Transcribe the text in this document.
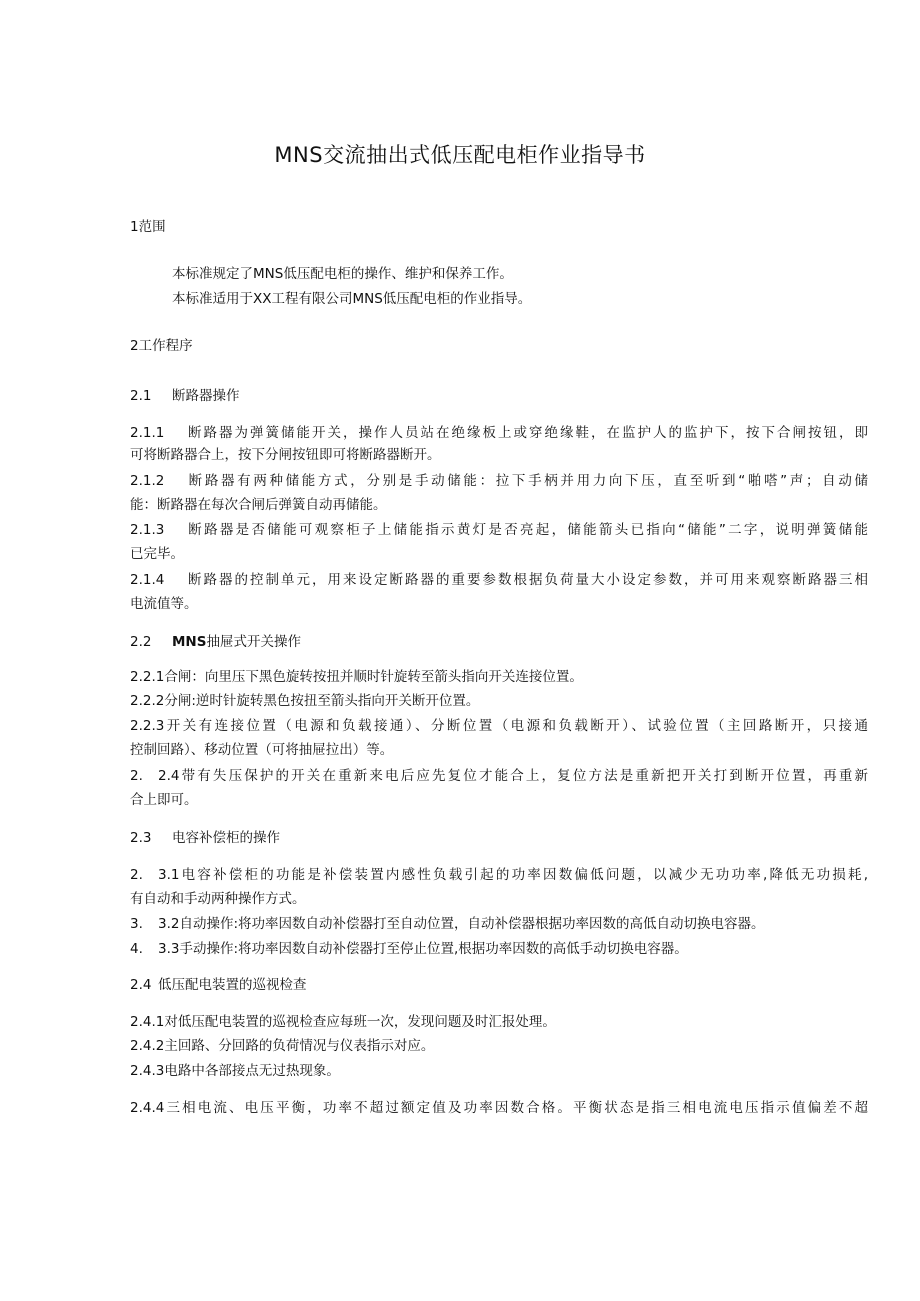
MNS交流抽出式低压配电柜作业指导书
1范围
本标准规定了MNS低压配电柜的操作、维护和保养工作。
本标准适用于XX工程有限公司MNS低压配电柜的作业指导。
2工作程序
2.1 断路器操作
2.1.1 断路器为弹簧储能开关，操作人员站在绝缘板上或穿绝缘鞋，在监护人的监护下，按下合闸按钮，即
可将断路器合上，按下分闸按钮即可将断路器断开。
2.1.2 断路器有两种储能方式，分别是手动储能：拉下手柄并用力向下压，直至听到“啪嗒”声；自动储
能：断路器在每次合闸后弹簧自动再储能。
2.1.3 断路器是否储能可观察柜子上储能指示黄灯是否亮起，储能箭头已指向“储能”二字，说明弹簧储能
已完毕。
2.1.4 断路器的控制单元，用来设定断路器的重要参数根据负荷量大小设定参数，并可用来观察断路器三相
电流值等。
2.2 MNS抽屉式开关操作
2.2.1合闸：向里压下黑色旋转按扭并顺时针旋转至箭头指向开关连接位置。
2.2.2分闸:逆时针旋转黑色按扭至箭头指向开关断开位置。
2.2.3开关有连接位置（电源和负载接通）、分断位置（电源和负载断开）、试验位置（主回路断开，只接通
控制回路）、移动位置（可将抽屉拉出）等。
2. 2.4带有失压保护的开关在重新来电后应先复位才能合上，复位方法是重新把开关打到断开位置，再重新
合上即可。
2.3 电容补偿柜的操作
2. 3.1电容补偿柜的功能是补偿装置内感性负载引起的功率因数偏低问题，以减少无功功率,降低无功损耗,
有自动和手动两种操作方式。
3. 3.2自动操作:将功率因数自动补偿器打至自动位置，自动补偿器根据功率因数的高低自动切换电容器。
4. 3.3手动操作:将功率因数自动补偿器打至停止位置,根据功率因数的高低手动切换电容器。
2.4 低压配电装置的巡视检查
2.4.1对低压配电装置的巡视检查应每班一次，发现问题及时汇报处理。
2.4.2主回路、分回路的负荷情况与仪表指示对应。
2.4.3电路中各部接点无过热现象。
2.4.4三相电流、电压平衡，功率不超过额定值及功率因数合格。平衡状态是指三相电流电压指示值偏差不超
